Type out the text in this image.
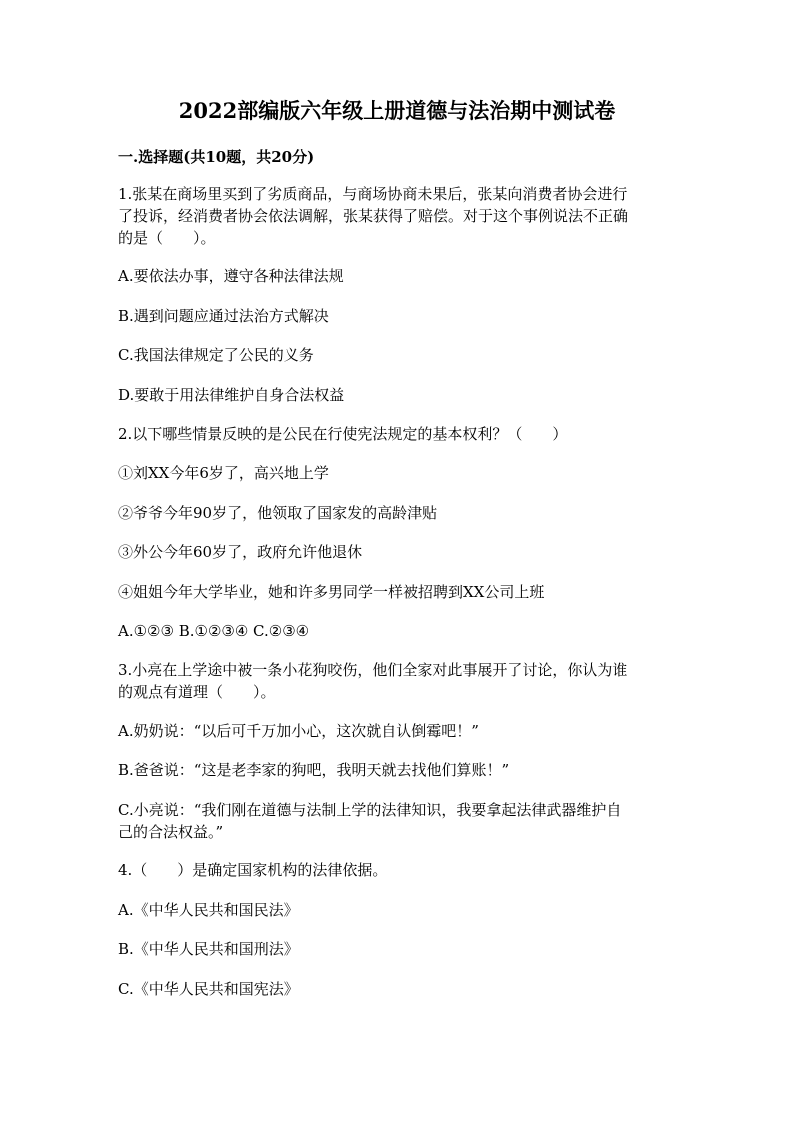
2022部编版六年级上册道德与法治期中测试卷
一.选择题(共10题，共20分)
1.张某在商场里买到了劣质商品，与商场协商未果后，张某向消费者协会进行
了投诉，经消费者协会依法调解，张某获得了赔偿。对于这个事例说法不正确
的是（　　）。
A.要依法办事，遵守各种法律法规
B.遇到问题应通过法治方式解决
C.我国法律规定了公民的义务
D.要敢于用法律维护自身合法权益
2.以下哪些情景反映的是公民在行使宪法规定的基本权利？（　　）
①刘XX今年6岁了，高兴地上学
②爷爷今年90岁了，他领取了国家发的高龄津贴
③外公今年60岁了，政府允许他退休
④姐姐今年大学毕业，她和许多男同学一样被招聘到XX公司上班
A.①②③ B.①②③④ C.②③④
3.小亮在上学途中被一条小花狗咬伤，他们全家对此事展开了讨论，你认为谁
的观点有道理（　　）。
A.奶奶说：“以后可千万加小心，这次就自认倒霉吧！”
B.爸爸说：“这是老李家的狗吧，我明天就去找他们算账！”
C.小亮说：“我们刚在道德与法制上学的法律知识，我要拿起法律武器维护自
己的合法权益。”
4.（　　）是确定国家机构的法律依据。
A.《中华人民共和国民法》
B.《中华人民共和国刑法》
C.《中华人民共和国宪法》
